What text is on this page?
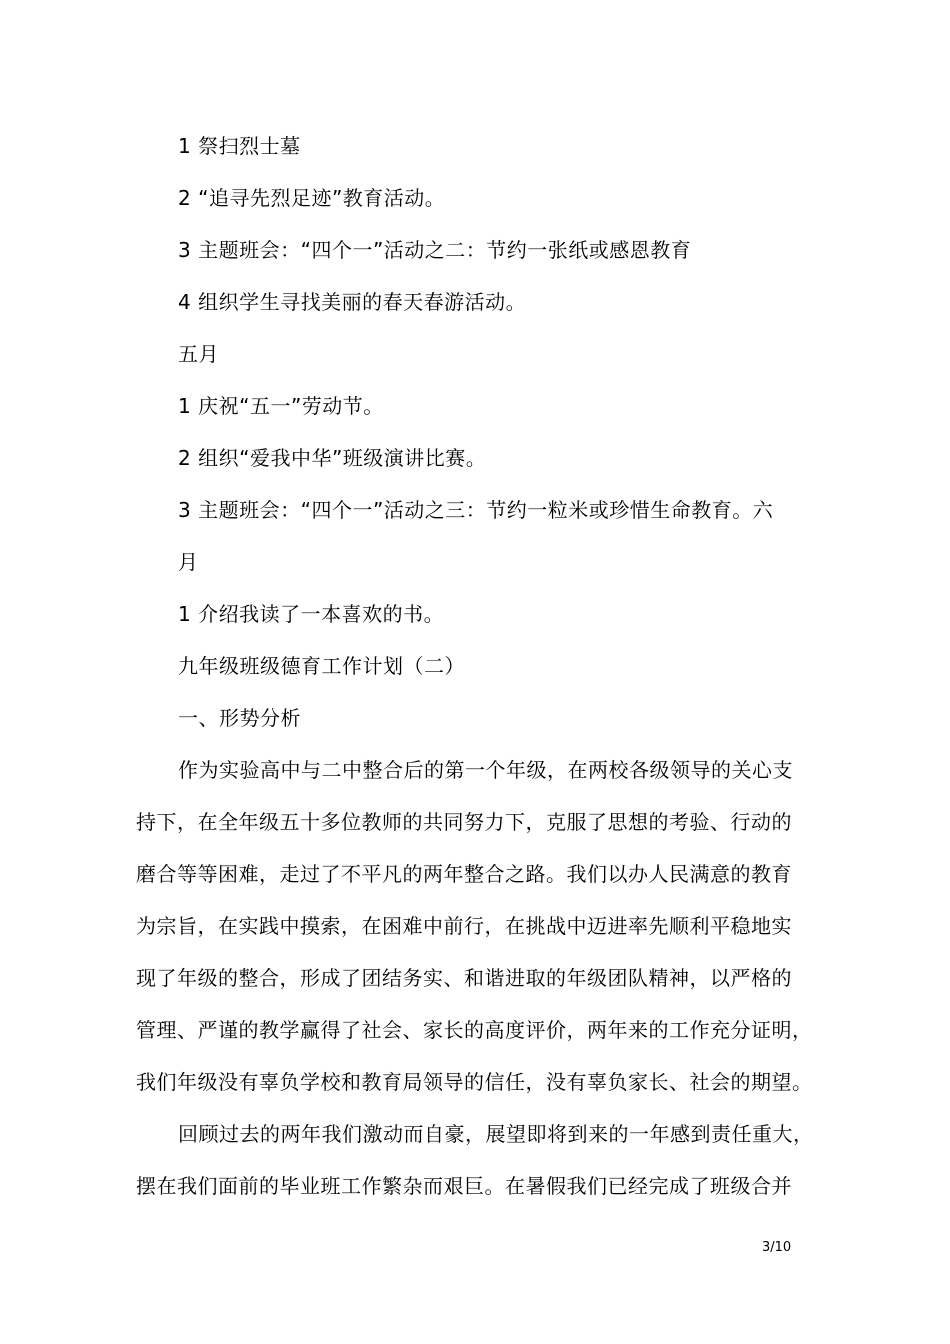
1 祭扫烈士墓
2 “追寻先烈足迹”教育活动。
3 主题班会：“四个一”活动之二：节约一张纸或感恩教育
4 组织学生寻找美丽的春天春游活动。
五月
1 庆祝“五一”劳动节。
2 组织“爱我中华”班级演讲比赛。
3 主题班会：“四个一”活动之三：节约一粒米或珍惜生命教育。六
月
1 介绍我读了一本喜欢的书。
九年级班级德育工作计划（二）
一、形势分析
作为实验高中与二中整合后的第一个年级，在两校各级领导的关心支
持下，在全年级五十多位教师的共同努力下，克服了思想的考验、行动的
磨合等等困难，走过了不平凡的两年整合之路。我们以办人民满意的教育
为宗旨，在实践中摸索，在困难中前行，在挑战中迈进率先顺利平稳地实
现了年级的整合，形成了团结务实、和谐进取的年级团队精神，以严格的
管理、严谨的教学赢得了社会、家长的高度评价，两年来的工作充分证明，
我们年级没有辜负学校和教育局领导的信任，没有辜负家长、社会的期望。
回顾过去的两年我们激动而自豪，展望即将到来的一年感到责任重大，
摆在我们面前的毕业班工作繁杂而艰巨。在暑假我们已经完成了班级合并
3/10
